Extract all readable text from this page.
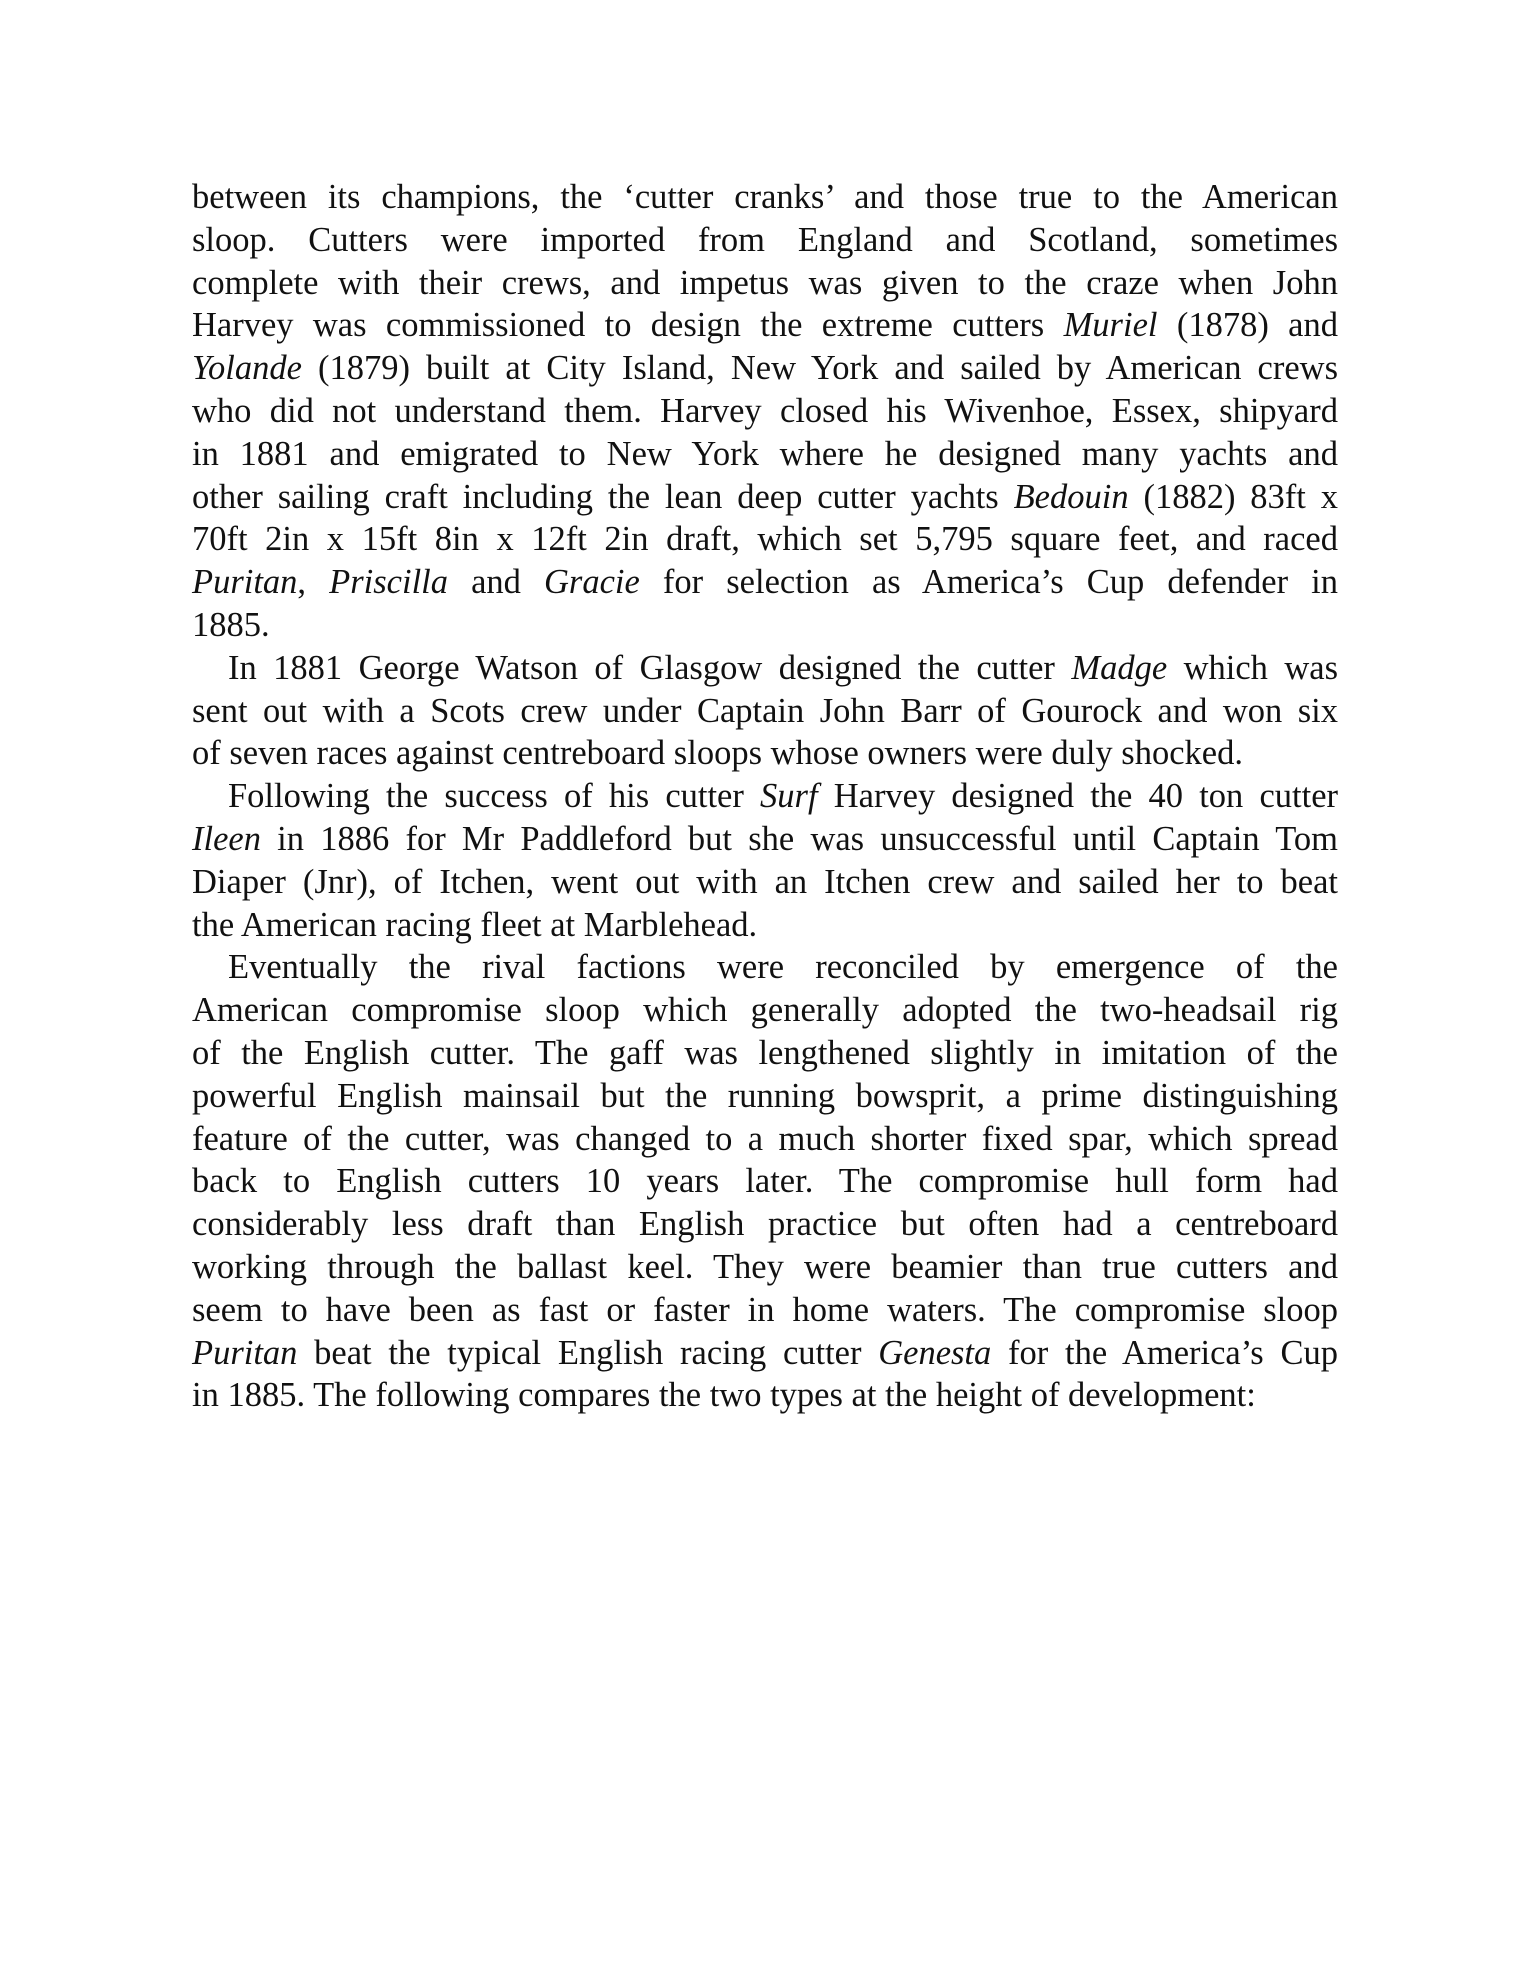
between its champions, the ‘cutter cranks’ and those true to the American
sloop. Cutters were imported from England and Scotland, sometimes
complete with their crews, and impetus was given to the craze when John
Harvey was commissioned to design the extreme cutters Muriel (1878) and
Yolande (1879) built at City Island, New York and sailed by American crews
who did not understand them. Harvey closed his Wivenhoe, Essex, shipyard
in 1881 and emigrated to New York where he designed many yachts and
other sailing craft including the lean deep cutter yachts Bedouin (1882) 83ft x
70ft 2in x 15ft 8in x 12ft 2in draft, which set 5,795 square feet, and raced
Puritan, Priscilla and Gracie for selection as America’s Cup defender in
1885.
In 1881 George Watson of Glasgow designed the cutter Madge which was
sent out with a Scots crew under Captain John Barr of Gourock and won six
of seven races against centreboard sloops whose owners were duly shocked.
Following the success of his cutter Surf Harvey designed the 40 ton cutter
Ileen in 1886 for Mr Paddleford but she was unsuccessful until Captain Tom
Diaper (Jnr), of Itchen, went out with an Itchen crew and sailed her to beat
the American racing fleet at Marblehead.
Eventually the rival factions were reconciled by emergence of the
American compromise sloop which generally adopted the two-headsail rig
of the English cutter. The gaff was lengthened slightly in imitation of the
powerful English mainsail but the running bowsprit, a prime distinguishing
feature of the cutter, was changed to a much shorter fixed spar, which spread
back to English cutters 10 years later. The compromise hull form had
considerably less draft than English practice but often had a centreboard
working through the ballast keel. They were beamier than true cutters and
seem to have been as fast or faster in home waters. The compromise sloop
Puritan beat the typical English racing cutter Genesta for the America’s Cup
in 1885. The following compares the two types at the height of development:
